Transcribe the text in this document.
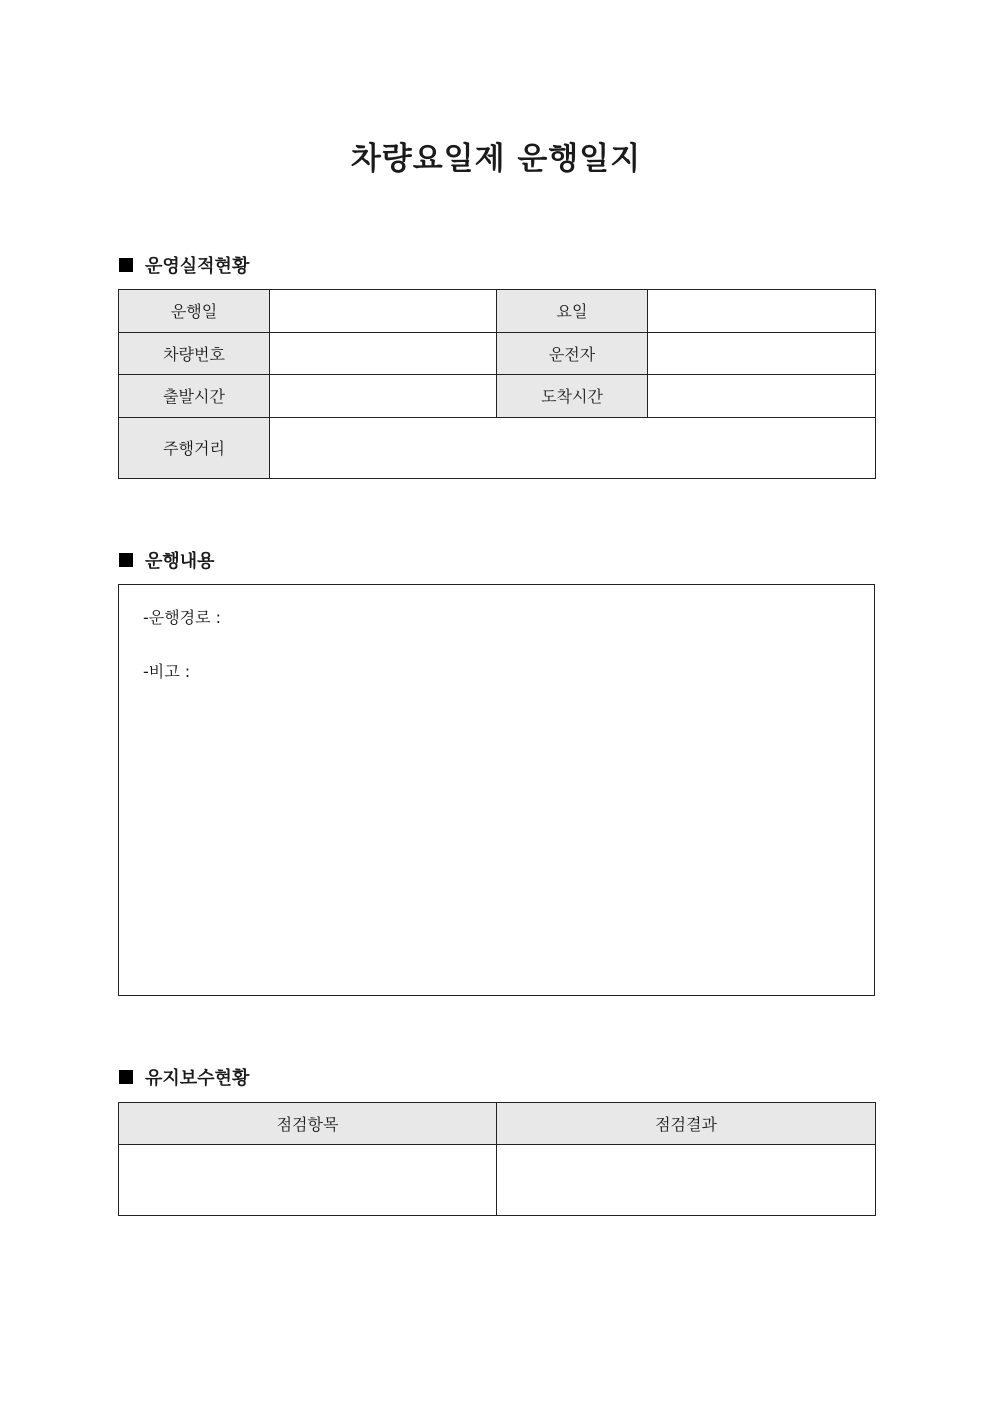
차량요일제 운행일지
운영실적현황
운행일		요일	
차량번호		운전자	
출발시간		도착시간	
주행거리			
운행내용
-운행경로 :
-비고 :
유지보수현황
점검항목	점검결과
